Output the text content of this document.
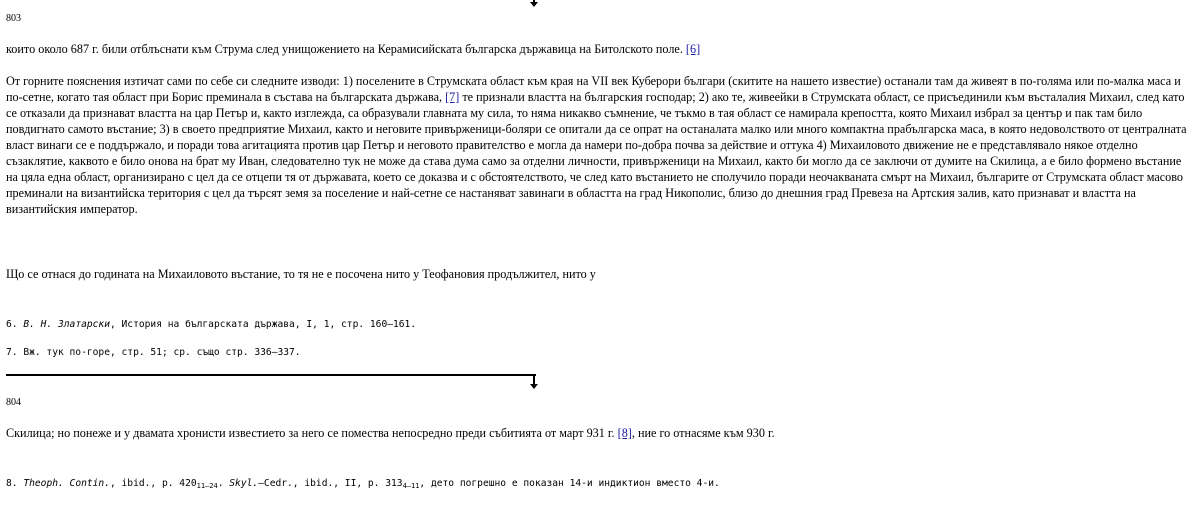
803

които около 687 г. били отблъснати към Струма след унищожението на Керамисийската българска държавица на Битолското поле. [6]

От горните пояснения изтичат сами по себе си следните изводи: 1) поселените в Струмската област към края на VII век Куберори българи (скитите на нашето известие) останали там да живеят в по-голяма или по-малка маса и по-сетне, когато тая област при Борис преминала в състава на българската държава, [7] те признали властта на българския господар; 2) ако те, живеейки в Струмската област, се присъединили към въсталалия Михаил, след като се отказали да признават властта на цар Петър и, както изглежда, са образували главната му сила, то няма никакво съмнение, че тъкмо в тая област се намирала крепостта, която Михаил избрал за център и пак там било повдигнато самото въстание; 3) в своето предприятие Михаил, както и неговите привърженици-боляри се опитали да се опрат на останалата малко или много компактна прабългарска маса, в която недоволството от централната власт винаги се е поддържало, и поради това агитацията против цар Петър и неговото правителство е могла да намери по-добра почва за действие и оттука 4) Михаиловото движение не е представлявало някое отделно съзаклятие, каквото е било онова на брат му Иван, следователно тук не може да става дума само за отделни личности, привърженици на Михаил, както би могло да се заключи от думите на Скилица, а е било формено въстание на цяла една област, организирано с цел да се отцепи тя от държавата, което се доказва и с обстоятелството, че след като въстанието не сполучило поради неочакваната смърт на Михаил, българите от Струмската област масово преминали на византийска територия с цел да търсят земя за поселение и най-сетне се настаняват завинаги в областта на град Никополис, близо до днешния град Превеза на Артския залив, като признават и властта на византийския император.

Що се отнася до годината на Михаиловото въстание, то тя не е посочена нито у Теофановия продължител, нито у

6. В. Н. Златарски, История на българската държава, I, 1, стр. 160—161.
7. Вж. тук по-горе, стр. 51; ср. също стр. 336—337.
804

Скилица; но понеже и у двамата хронисти известието за него се помества непосредно преди събитията от март 931 г. [8], ние го отнасяме към 930 г.

8. Theoph. Contin., ibid., p. $420_{11-24}$. Skyl.—Cedr., ibid., II, p. $313_{4-11}$, дето погрешно е показан 14-и индиктион вместо 4-и.
